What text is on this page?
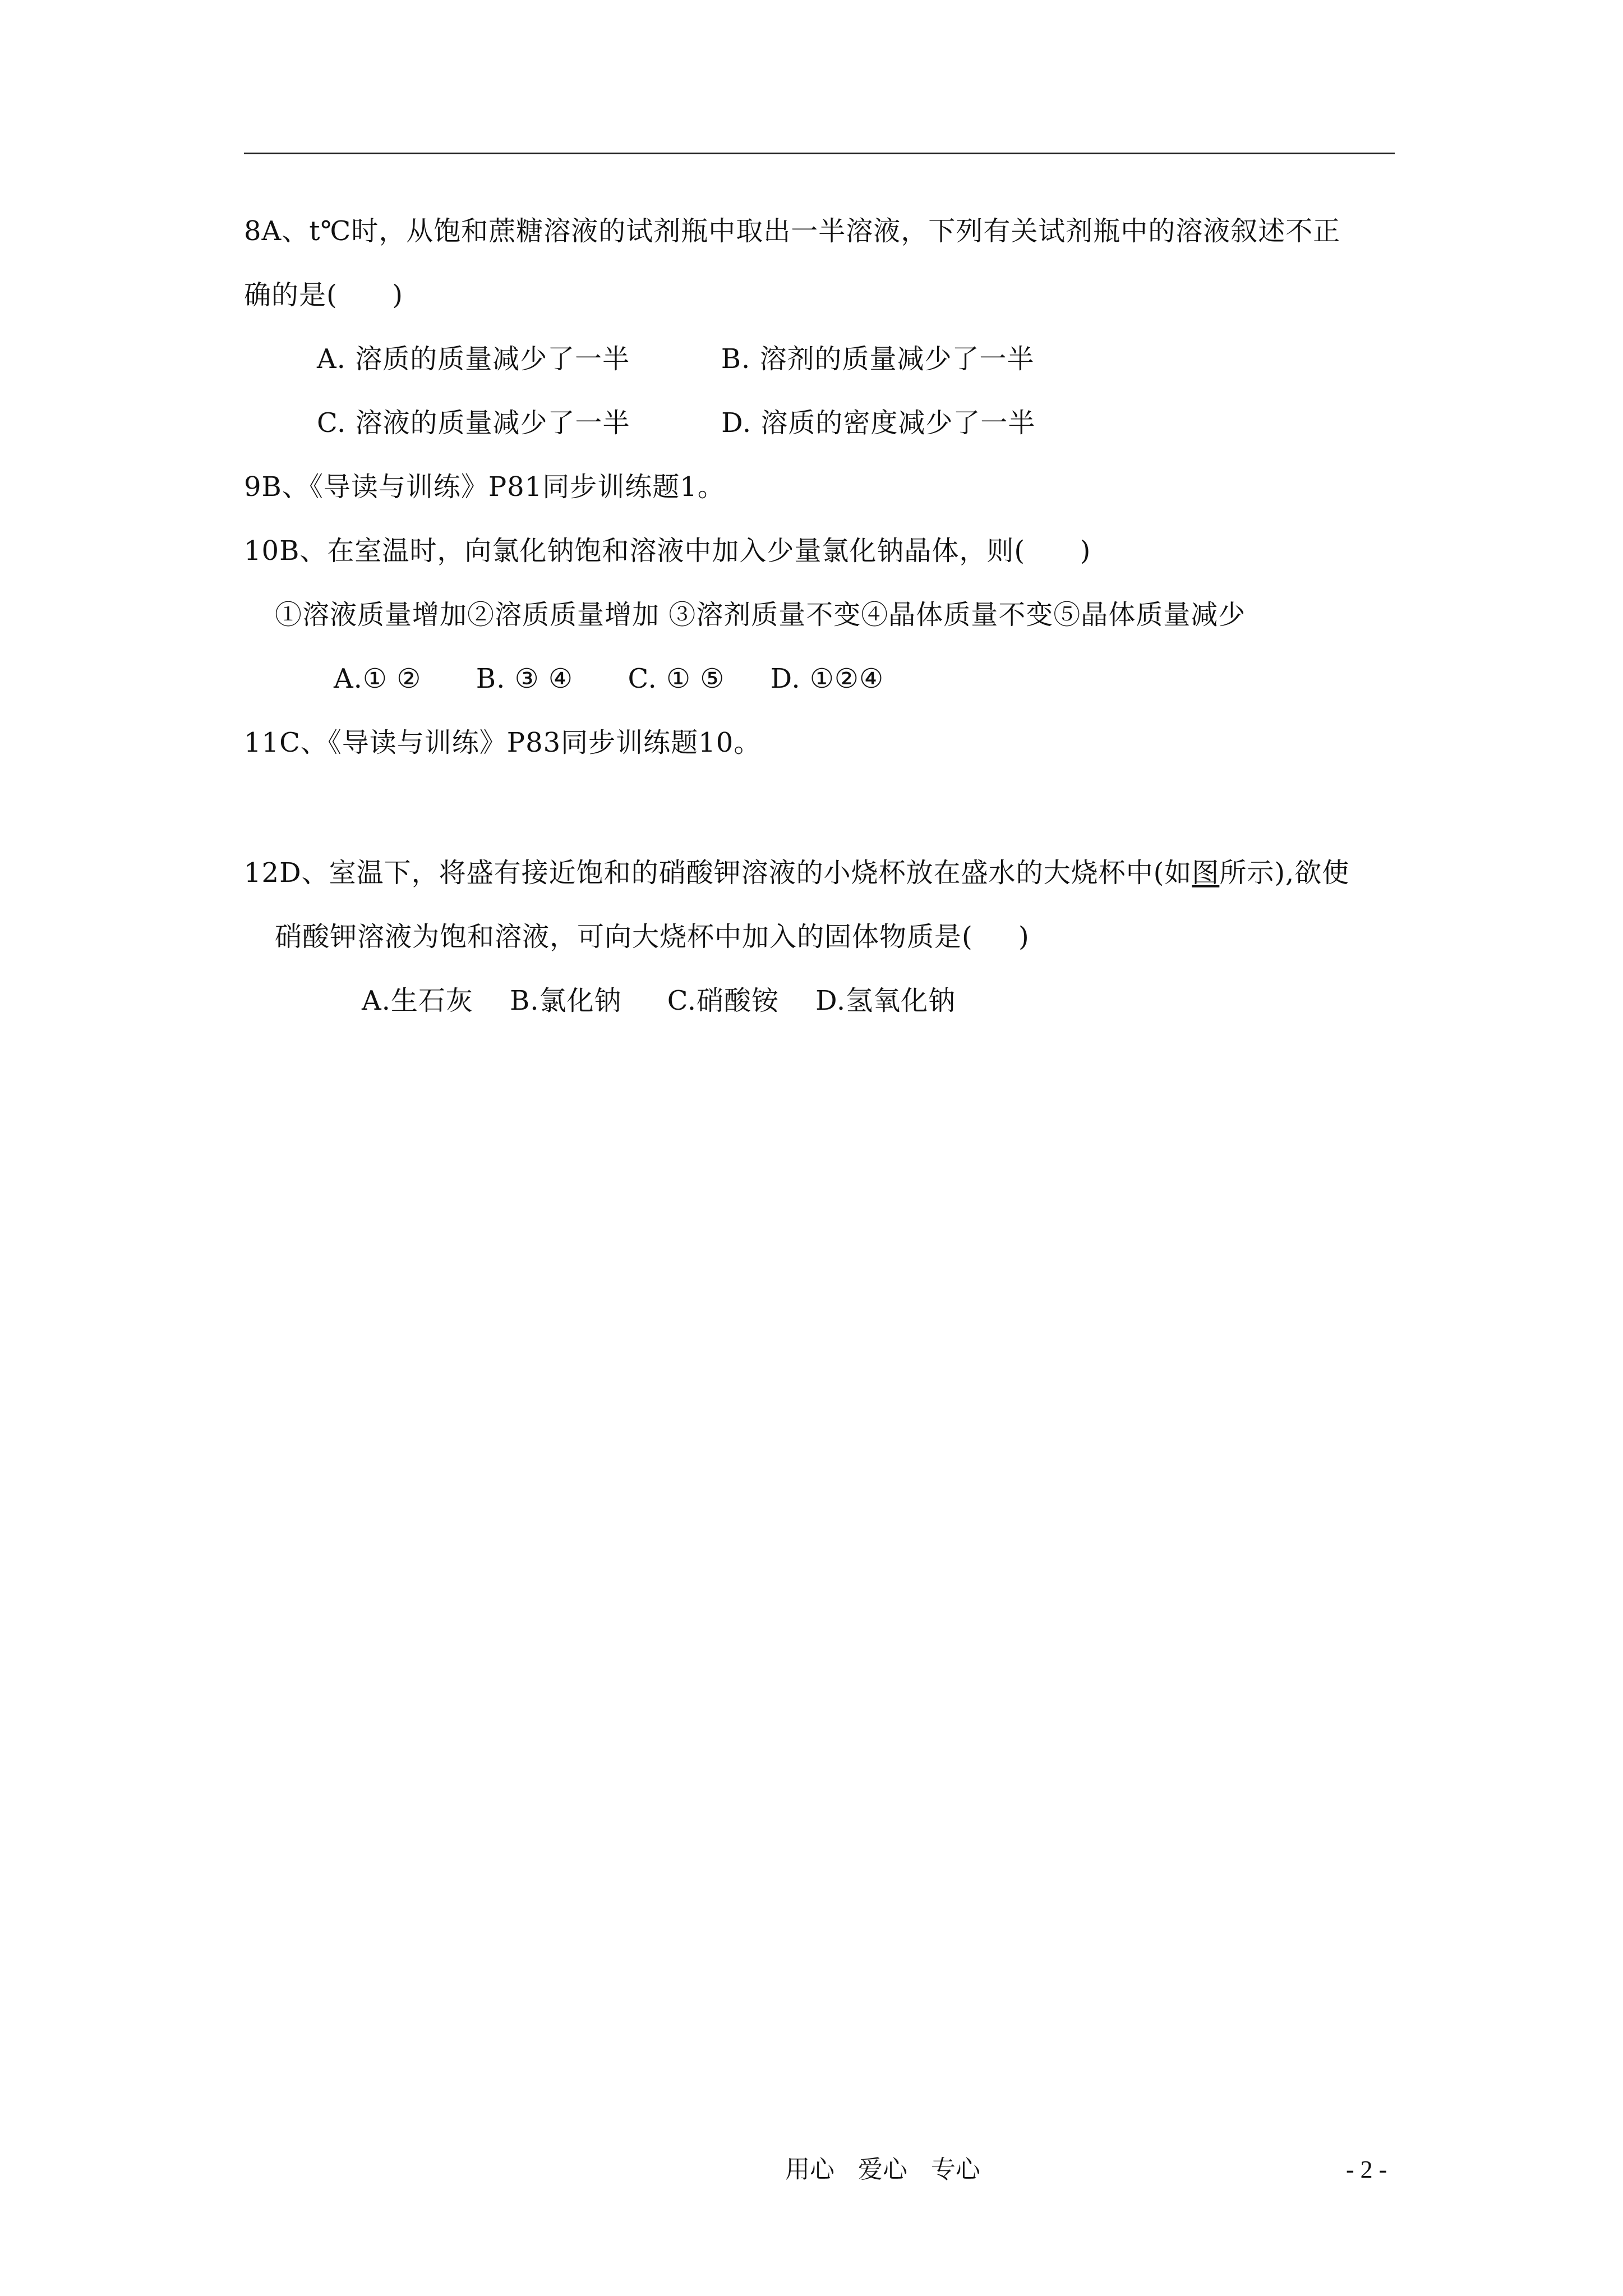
8A、t℃时，从饱和蔗糖溶液的试剂瓶中取出一半溶液，下列有关试剂瓶中的溶液叙述不正
确的是(      )
A. 溶质的质量减少了一半          B. 溶剂的质量减少了一半
C. 溶液的质量减少了一半          D. 溶质的密度减少了一半
9B、《导读与训练》P81同步训练题1。
10B、在室温时，向氯化钠饱和溶液中加入少量氯化钠晶体，则(      )
①溶液质量增加②溶质质量增加 ③溶剂质量不变④晶体质量不变⑤晶体质量减少
A.① ②      B. ③ ④      C. ① ⑤     D. ①②④
11C、《导读与训练》P83同步训练题10。
12D、室温下，将盛有接近饱和的硝酸钾溶液的小烧杯放在盛水的大烧杯中(如图所示),欲使
硝酸钾溶液为饱和溶液，可向大烧杯中加入的固体物质是(     )
A.生石灰    B.氯化钠     C.硝酸铵    D.氢氧化钠
用心   爱心   专心	- 2 -
